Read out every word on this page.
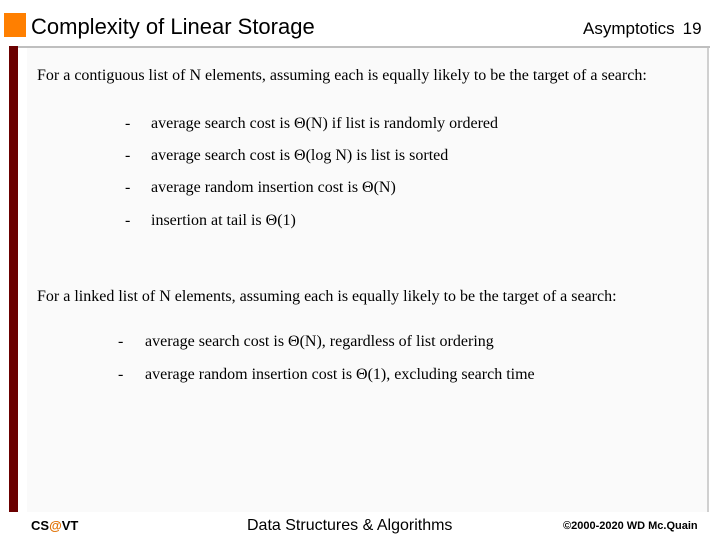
Complexity of Linear Storage	Asymptotics 19
For a contiguous list of N elements, assuming each is equally likely to be the target of a search:
- average search cost is Θ(N) if list is randomly ordered
- average search cost is Θ(log N) is list is sorted
- average random insertion cost is Θ(N)
- insertion at tail is Θ(1)
For a linked list of N elements, assuming each is equally likely to be the target of a search:
- average search cost is Θ(N), regardless of list ordering
- average random insertion cost is Θ(1), excluding search time
CS@VT	Data Structures & Algorithms	©2000-2020 WD Mc.Quain
